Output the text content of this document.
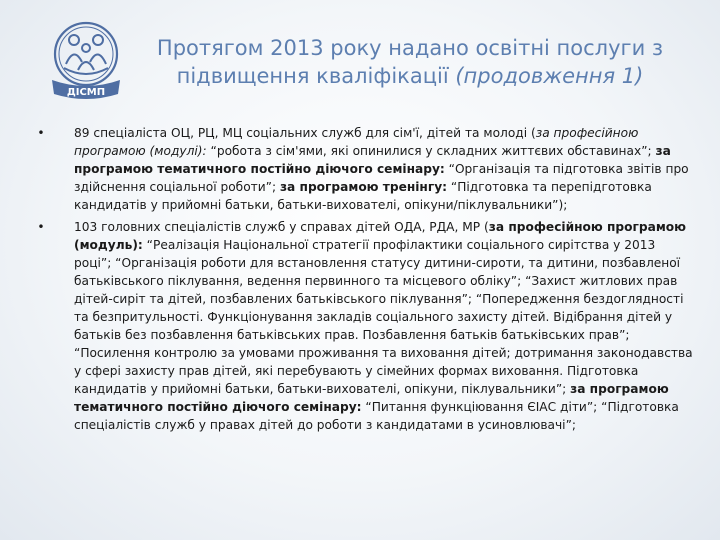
ДІСМП
Протягом 2013 року надано освітні послуги з підвищення кваліфікації (продовження 1)
• 89 спеціаліста ОЦ, РЦ, МЦ соціальних служб для сім'ї, дітей та молоді (за професійною програмою (модулі): “робота з сім'ями, які опинилися у складних життєвих обставинах”; за програмою тематичного постійно діючого семінару: “Організація та підготовка звітів про здійснення соціальної роботи”; за програмою тренінгу: “Підготовка та перепідготовка кандидатів у прийомні батьки, батьки-вихователі, опікуни/піклувальники”);
• 103 головних спеціалістів служб у справах дітей ОДА, РДА, МР (за професійною програмою (модуль): “Реалізація Національної стратегії профілактики соціального сирітства у 2013 році”; “Організація роботи для встановлення статусу дитини-сироти, та дитини, позбавленої батьківського піклування, ведення первинного та місцевого обліку”; “Захист житлових прав дітей-сиріт та дітей, позбавлених батьківського піклування”; “Попередження бездоглядності та безпритульності. Функціонування закладів соціального захисту дітей. Відібрання дітей у батьків без позбавлення батьківських прав. Позбавлення батьків батьківських прав”; “Посилення контролю за умовами проживання та виховання дітей; дотримання законодавства у сфері захисту прав дітей, які перебувають у сімейних формах виховання. Підготовка кандидатів у прийомні батьки, батьки-вихователі, опікуни, піклувальники”; за програмою тематичного постійно діючого семінару: “Питання функціювання ЄІАС діти”; “Підготовка спеціалістів служб у правах дітей до роботи з кандидатами в усиновлювачі”;
